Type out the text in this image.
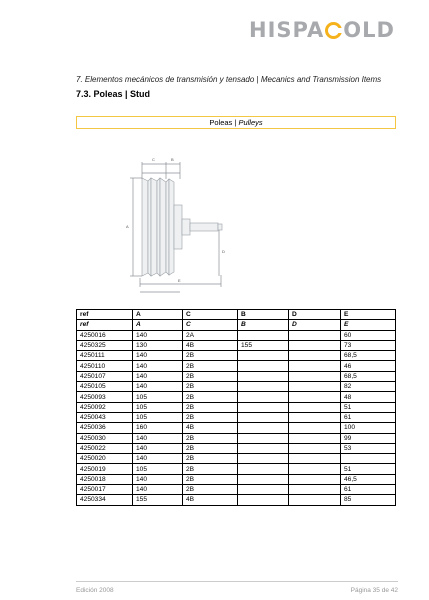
HISPA OLD
7. Elementos mecánicos de transmisión y tensado | Mecanics and Transmission Items
7.3. Poleas | Stud
Poleas | Pulleys
C	B
A
D
E
ref	A	C	B	D	E
ref	A	C	B	D	E
4250016	140	2A			60
4250325	130	4B	155		73
4250111	140	2B			68,5
4250110	140	2B			46
4250107	140	2B			68,5
4250105	140	2B			82
4250093	105	2B			48
4250092	105	2B			51
4250043	105	2B			61
4250036	160	4B			100
4250030	140	2B			99
4250022	140	2B			53
4250020	140	2B			
4250019	105	2B			51
4250018	140	2B			46,5
4250017	140	2B			61
4250334	155	4B			85
Edición 2008	Página 35 de 42
